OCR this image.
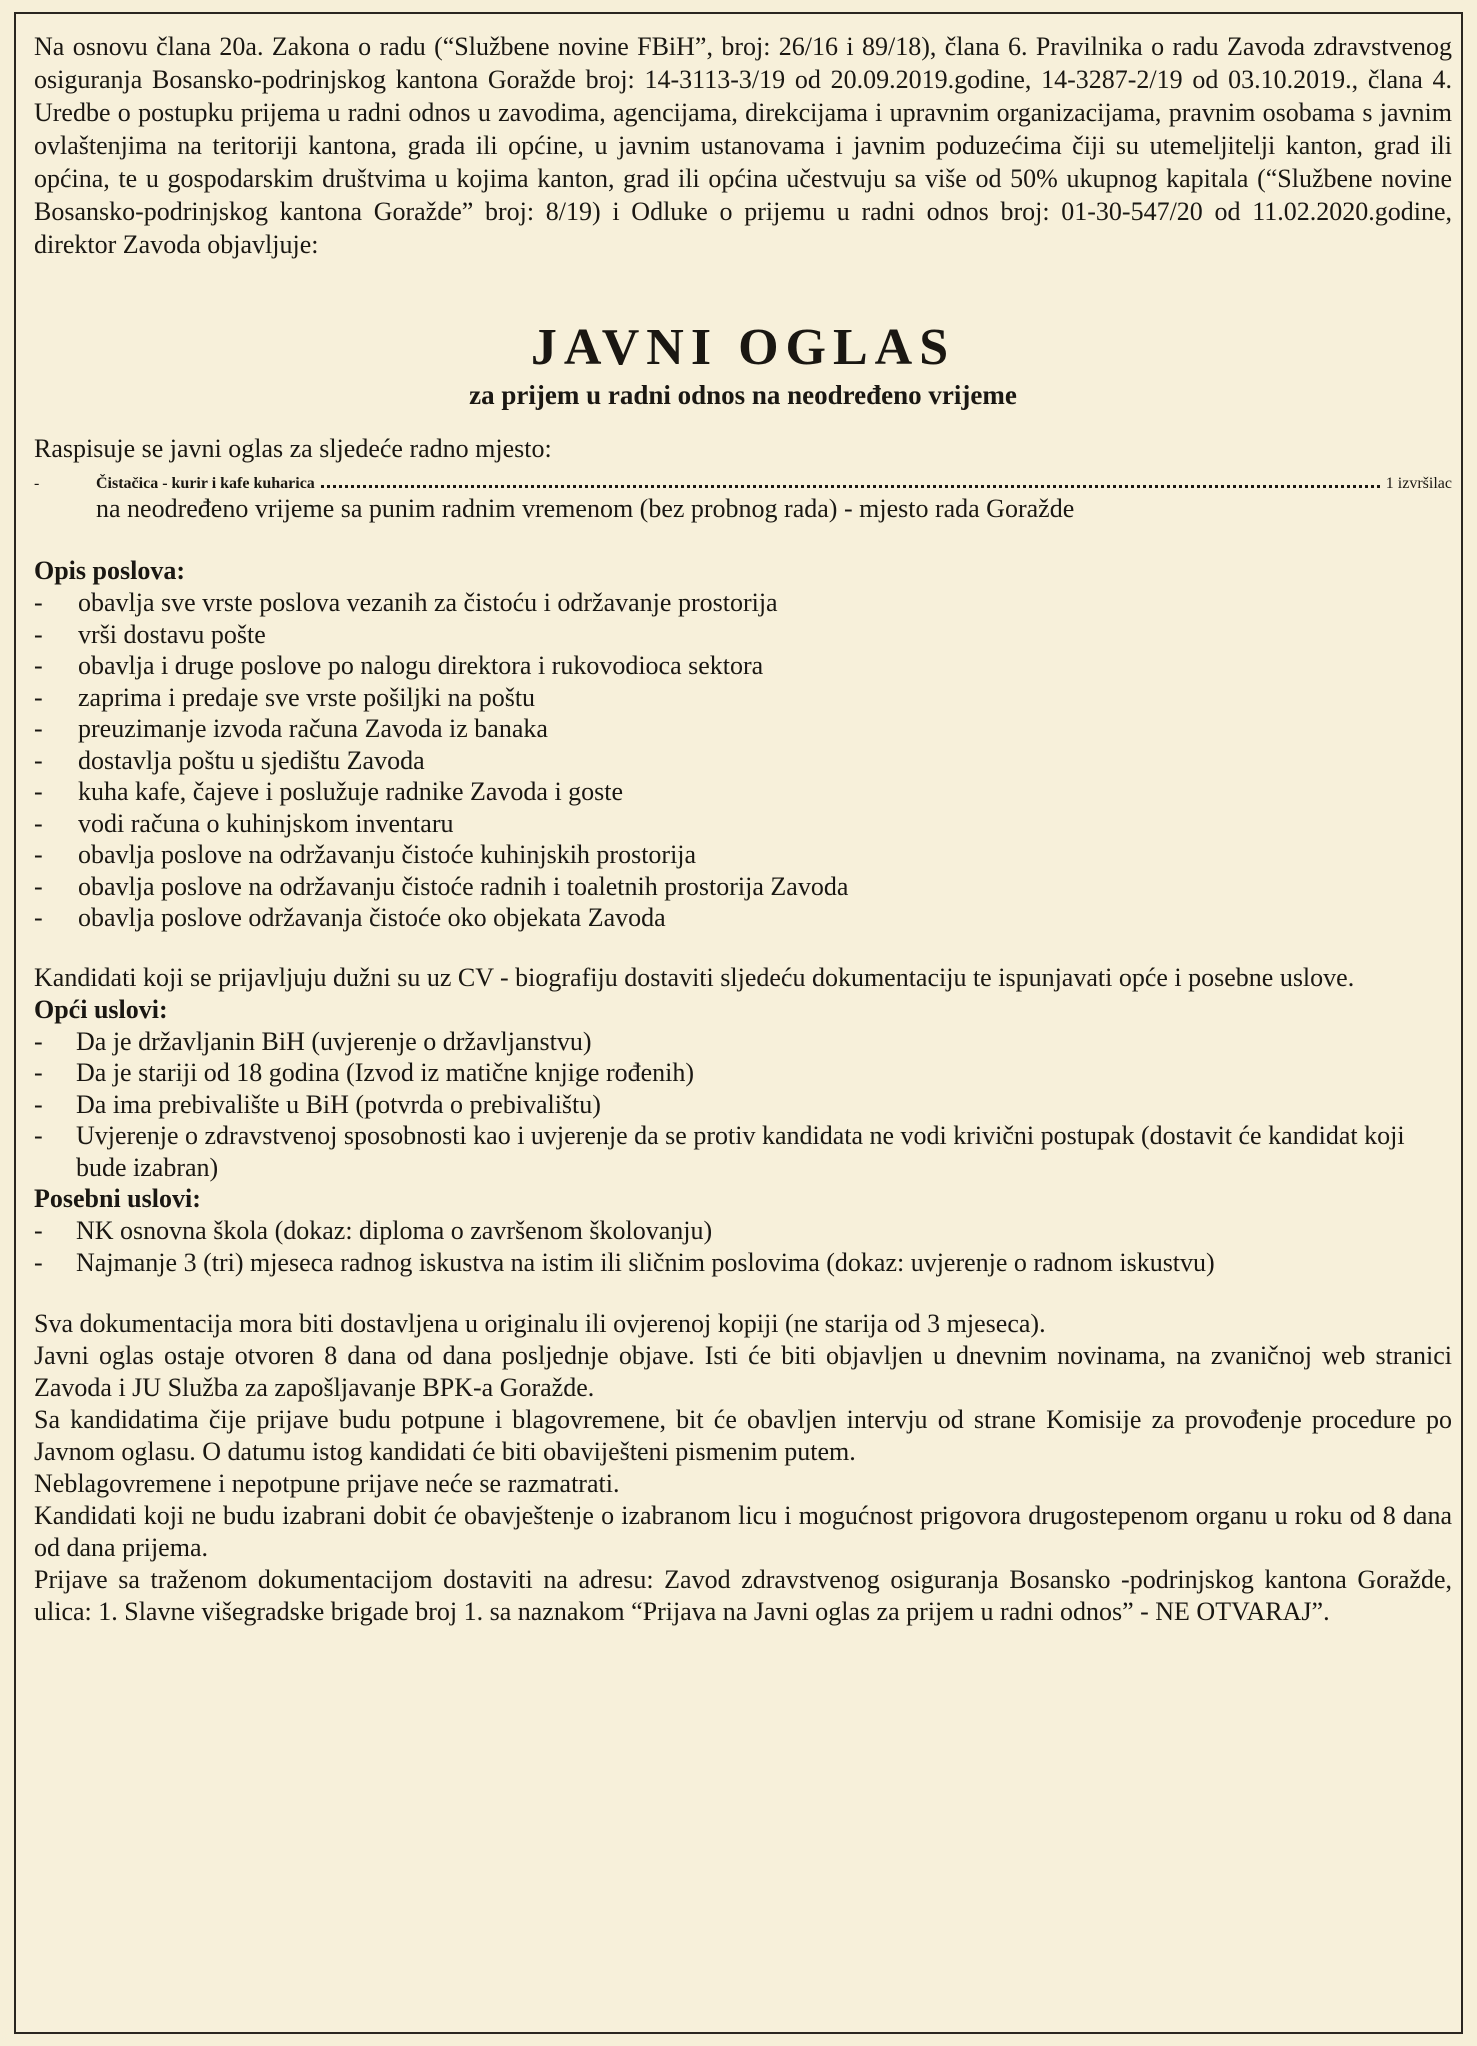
Na osnovu člana 20a. Zakona o radu (“Službene novine FBiH”, broj: 26/16 i 89/18), člana 6. Pravilnika o radu Zavoda zdravstvenog osiguranja Bosansko-podrinjskog kantona Goražde broj: 14-3113-3/19 od 20.09.2019.godine, 14-3287-2/19 od 03.10.2019., člana 4. Uredbe o postupku prijema u radni odnos u zavodima, agencijama, direkcijama i upravnim organizacijama, pravnim osobama s javnim ovlaštenjima na teritoriji kantona, grada ili općine, u javnim ustanovama i javnim poduzećima čiji su utemeljitelji kanton, grad ili općina, te u gospodarskim društvima u kojima kanton, grad ili općina učestvuju sa više od 50% ukupnog kapitala (“Službene novine Bosansko-podrinjskog kantona Goražde” broj: 8/19) i Odluke o prijemu u radni odnos broj: 01-30-547/20 od 11.02.2020.godine, direktor Zavoda objavljuje:

JAVNI OGLAS
za prijem u radni odnos na neodređeno vrijeme

Raspisuje se javni oglas za sljedeće radno mjesto:

-	Čistačica - kurir i kafe kuharica	1 izvršilac

na neodređeno vrijeme sa punim radnim vremenom (bez probnog rada) - mjesto rada Goražde

Opis poslova:

-	obavlja sve vrste poslova vezanih za čistoću i održavanje prostorija
-	vrši dostavu pošte
-	obavlja i druge poslove po nalogu direktora i rukovodioca sektora
-	zaprima i predaje sve vrste pošiljki na poštu
-	preuzimanje izvoda računa Zavoda iz banaka
-	dostavlja poštu u sjedištu Zavoda
-	kuha kafe, čajeve i poslužuje radnike Zavoda i goste
-	vodi računa o kuhinjskom inventaru
-	obavlja poslove na održavanju čistoće kuhinjskih prostorija
-	obavlja poslove na održavanju čistoće radnih i toaletnih prostorija Zavoda
-	obavlja poslove održavanja čistoće oko objekata Zavoda

Kandidati koji se prijavljuju dužni su uz CV - biografiju dostaviti sljedeću dokumentaciju te ispunjavati opće i posebne uslove.

Opći uslovi:

-	Da je državljanin BiH (uvjerenje o državljanstvu)
-	Da je stariji od 18 godina (Izvod iz matične knjige rođenih)
-	Da ima prebivalište u BiH (potvrda o prebivalištu)
-	Uvjerenje o zdravstvenoj sposobnosti kao i uvjerenje da se protiv kandidata ne vodi krivični postupak (dostavit će kandidat koji bude izabran)

Posebni uslovi:

-	NK osnovna škola (dokaz: diploma o završenom školovanju)
-	Najmanje 3 (tri) mjeseca radnog iskustva na istim ili sličnim poslovima (dokaz: uvjerenje o radnom iskustvu)

Sva dokumentacija mora biti dostavljena u originalu ili ovjerenoj kopiji (ne starija od 3 mjeseca).

Javni oglas ostaje otvoren 8 dana od dana posljednje objave. Isti će biti objavljen u dnevnim novinama, na zvaničnoj web stranici Zavoda i JU Služba za zapošljavanje BPK-a Goražde.

Sa kandidatima čije prijave budu potpune i blagovremene, bit će obavljen intervju od strane Komisije za provođenje procedure po Javnom oglasu. O datumu istog kandidati će biti obaviješteni pismenim putem.

Neblagovremene i nepotpune prijave neće se razmatrati.

Kandidati koji ne budu izabrani dobit će obavještenje o izabranom licu i mogućnost prigovora drugostepenom organu u roku od 8 dana od dana prijema.

Prijave sa traženom dokumentacijom dostaviti na adresu: Zavod zdravstvenog osiguranja Bosansko -podrinjskog kantona Goražde, ulica: 1. Slavne višegradske brigade broj 1. sa naznakom “Prijava na Javni oglas za prijem u radni odnos” - NE OTVARAJ”.
